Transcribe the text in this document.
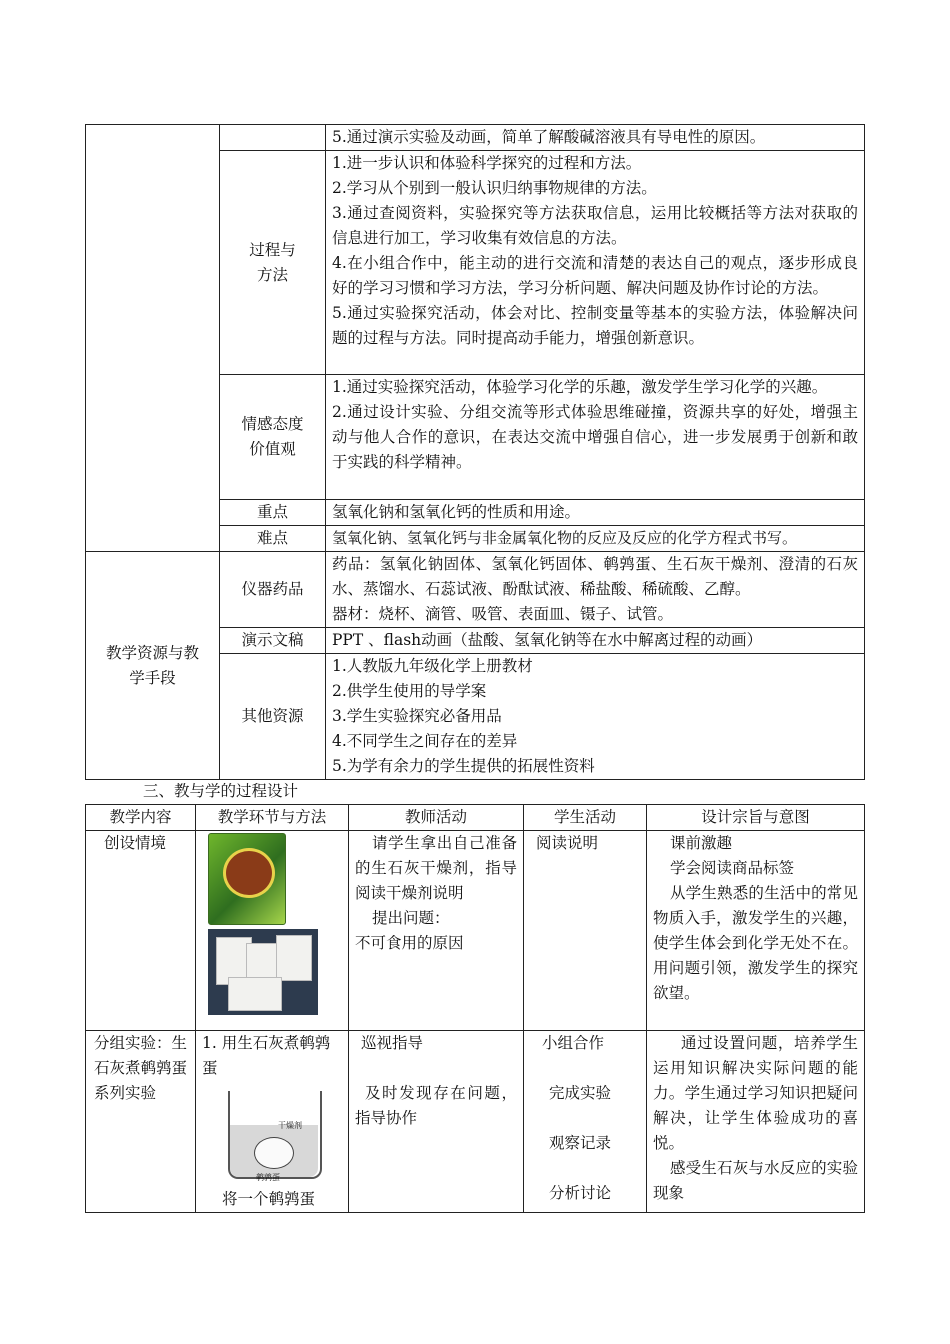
		5.通过演示实验及动画，简单了解酸碱溶液具有导电性的原因。

	过程与
方法	1.进一步认识和体验科学探究的过程和方法。
2.学习从个别到一般认识归纳事物规律的方法。
3.通过查阅资料，实验探究等方法获取信息，运用比较概括等方法对获取的信息进行加工，学习收集有效信息的方法。
4.在小组合作中，能主动的进行交流和清楚的表达自己的观点，逐步形成良好的学习习惯和学习方法，学习分析问题、解决问题及协作讨论的方法。
5.通过实验探究活动，体会对比、控制变量等基本的实验方法，体验解决问题的过程与方法。同时提高动手能力，增强创新意识。

	情感态度
价值观	1.通过实验探究活动，体验学习化学的乐趣，激发学生学习化学的兴趣。
2.通过设计实验、分组交流等形式体验思维碰撞，资源共享的好处，增强主动与他人合作的意识，在表达交流中增强自信心，进一步发展勇于创新和敢于实践的科学精神。

	重点	氢氧化钠和氢氧化钙的性质和用途。
	难点	氢氧化钠、氢氧化钙与非金属氧化物的反应及反应的化学方程式书写。

教学资源与教
学手段	仪器药品	药品：氢氧化钠固体、氢氧化钙固体、鹌鹑蛋、生石灰干燥剂、澄清的石灰水、蒸馏水、石蕊试液、酚酞试液、稀盐酸、稀硫酸、乙醇。
器材：烧杯、滴管、吸管、表面皿、镊子、试管。

	演示文稿	PPT 、flash动画（盐酸、氢氧化钠等在水中解离过程的动画）
	其他资源	1.人教版九年级化学上册教材
2.供学生使用的导学案
3.学生实验探究必备用品
4.不同学生之间存在的差异
5.为学有余力的学生提供的拓展性资料
三、教与学的过程设计
教学内容	教学环节与方法	教师活动	学生活动	设计宗旨与意图

创设情境		请学生拿出自己准备的生石灰干燥剂，指导阅读干燥剂说明
提出问题：
不可食用的原因	阅读说明	课前激趣
学会阅读商品标签
从学生熟悉的生活中的常见物质入手，激发学生的兴趣，使学生体会到化学无处不在。用问题引领，激发学生的探究欲望。

分组实验：生石灰煮鹌鹑蛋系列实验	1. 用生石灰煮鹌鹑蛋
干燥剂
鹌鹑蛋
将一个鹌鹑蛋	巡视指导
及时发现存在问题，指导协作	小组合作
完成实验
观察记录
分析讨论	通过设置问题，培养学生运用知识解决实际问题的能力。学生通过学习知识把疑问解决，让学生体验成功的喜悦。
感受生石灰与水反应的实验现象
